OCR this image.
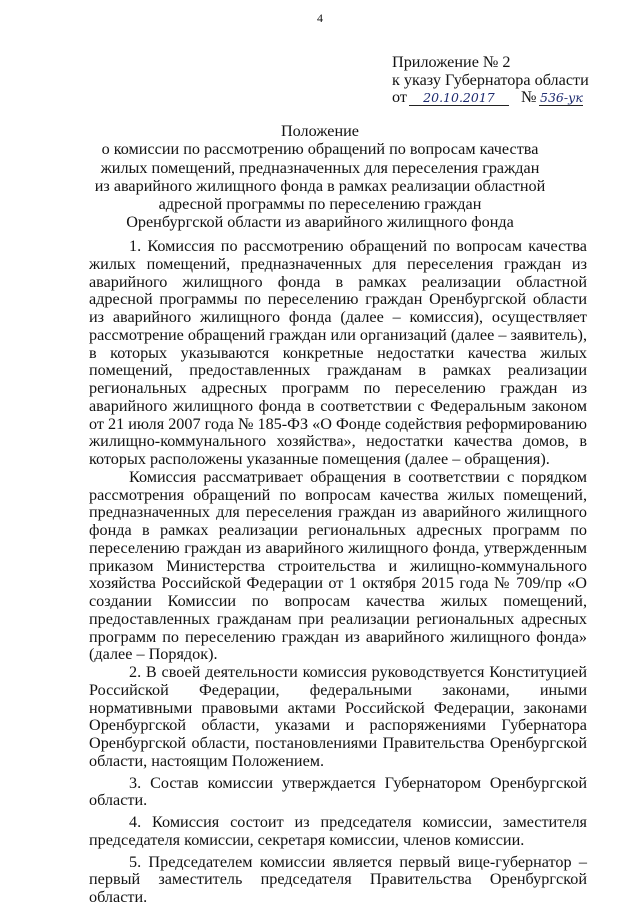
4
Приложение № 2
к указу Губернатора области
от	20.10.2017	№ 536-ук
Положение
о комиссии по рассмотрению обращений по вопросам качества
жилых помещений, предназначенных для переселения граждан
из аварийного жилищного фонда в рамках реализации областной
адресной программы по переселению граждан
Оренбургской области из аварийного жилищного фонда

1. Комиссия по рассмотрению обращений по вопросам качества жилых помещений, предназначенных для переселения граждан из аварийного жилищного фонда в рамках реализации областной адресной программы по переселению граждан Оренбургской области из аварийного жилищного фонда (далее – комиссия), осуществляет рассмотрение обращений граждан или организаций (далее – заявитель), в которых указываются конкретные недостатки качества жилых помещений, предоставленных гражданам в рамках реализации региональных адресных программ по переселению граждан из аварийного жилищного фонда в соответствии с Федеральным законом от 21 июля 2007 года № 185-ФЗ «О Фонде содействия реформированию жилищно-коммунального хозяйства», недостатки качества домов, в которых расположены указанные помещения (далее – обращения).

Комиссия рассматривает обращения в соответствии с порядком рассмотрения обращений по вопросам качества жилых помещений, предназначенных для переселения граждан из аварийного жилищного фонда в рамках реализации региональных адресных программ по переселению граждан из аварийного жилищного фонда, утвержденным приказом Министерства строительства и жилищно-коммунального хозяйства Российской Федерации от 1 октября 2015 года № 709/пр «О создании Комиссии по вопросам качества жилых помещений, предоставленных гражданам при реализации региональных адресных программ по переселению граждан из аварийного жилищного фонда» (далее – Порядок).

2. В своей деятельности комиссия руководствуется Конституцией Российской Федерации, федеральными законами, иными нормативными правовыми актами Российской Федерации, законами Оренбургской области, указами и распоряжениями Губернатора Оренбургской области, постановлениями Правительства Оренбургской области, настоящим Положением.

3. Состав комиссии утверждается Губернатором Оренбургской области.

4. Комиссия состоит из председателя комиссии, заместителя председателя комиссии, секретаря комиссии, членов комиссии.

5. Председателем комиссии является первый вице-губернатор – первый заместитель председателя Правительства Оренбургской области.
